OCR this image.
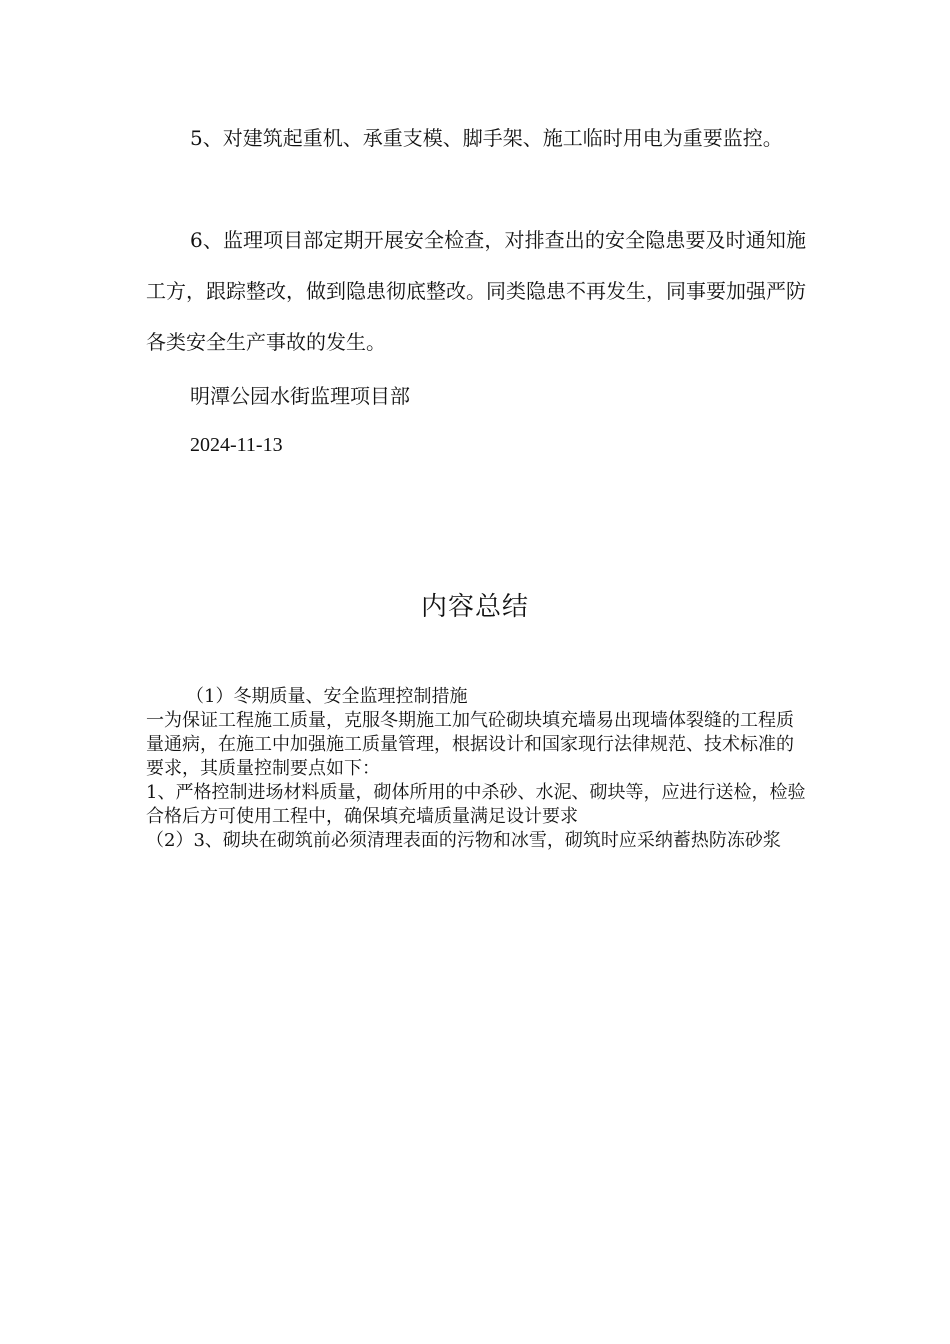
5、对建筑起重机、承重支模、脚手架、施工临时用电为重要监控。

6、监理项目部定期开展安全检查，对排查出的安全隐患要及时通知施工方，跟踪整改，做到隐患彻底整改。同类隐患不再发生，同事要加强严防各类安全生产事故的发生。

明潭公园水街监理项目部

2024-11-13

内容总结

（1）冬期质量、安全监理控制措施

一为保证工程施工质量，克服冬期施工加气砼砌块填充墙易出现墙体裂缝的工程质量通病，在施工中加强施工质量管理，根据设计和国家现行法律规范、技术标准的要求，其质量控制要点如下：

1、严格控制进场材料质量，砌体所用的中杀砂、水泥、砌块等，应进行送检，检验合格后方可使用工程中，确保填充墙质量满足设计要求

（2）3、砌块在砌筑前必须清理表面的污物和冰雪，砌筑时应采纳蓄热防冻砂浆
